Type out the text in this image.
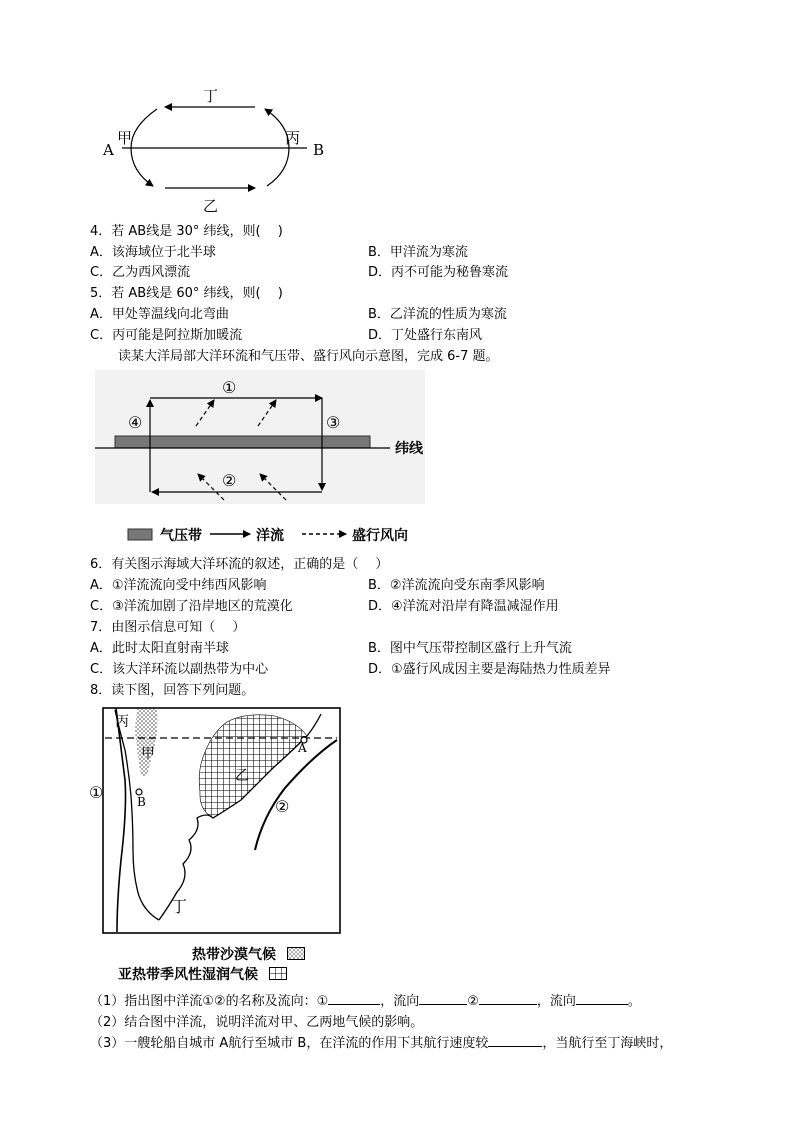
丁
乙
A
甲	丙
B
4．若 AB线是 30° 纬线，则(  )
A．该海域位于北半球	B．甲洋流为寒流
C．乙为西风漂流	D．丙不可能为秘鲁寒流
5．若 AB线是 60° 纬线，则(  )
A．甲处等温线向北弯曲	B．乙洋流的性质为寒流
C．丙可能是阿拉斯加暖流	D．丁处盛行东南风
读某大洋局部大洋环流和气压带、盛行风向示意图，完成 6-7 题。
①
②
③
④
纬线
气压带	洋流	盛行风向
6．有关图示海域大洋环流的叙述，正确的是（  ）
A．①洋流流向受中纬西风影响	B．②洋流流向受东南季风影响
C．③洋流加剧了沿岸地区的荒漠化	D．④洋流对沿岸有降温减湿作用
7．由图示信息可知（  ）
A．此时太阳直射南半球	B．图中气压带控制区盛行上升气流
C．该大洋环流以副热带为中心	D．①盛行风成因主要是海陆热力性质差异
8．读下图，回答下列问题。
丙
甲
乙
丁
A
B
①
②
热带沙漠气候
亚热带季风性湿润气候
（1）指出图中洋流①②的名称及流向：①	，流向	②	，流向	。
（2）结合图中洋流，说明洋流对甲、乙两地气候的影响。
（3）一艘轮船自城市 A航行至城市 B，在洋流的作用下其航行速度较	，当航行至丁海峡时，
